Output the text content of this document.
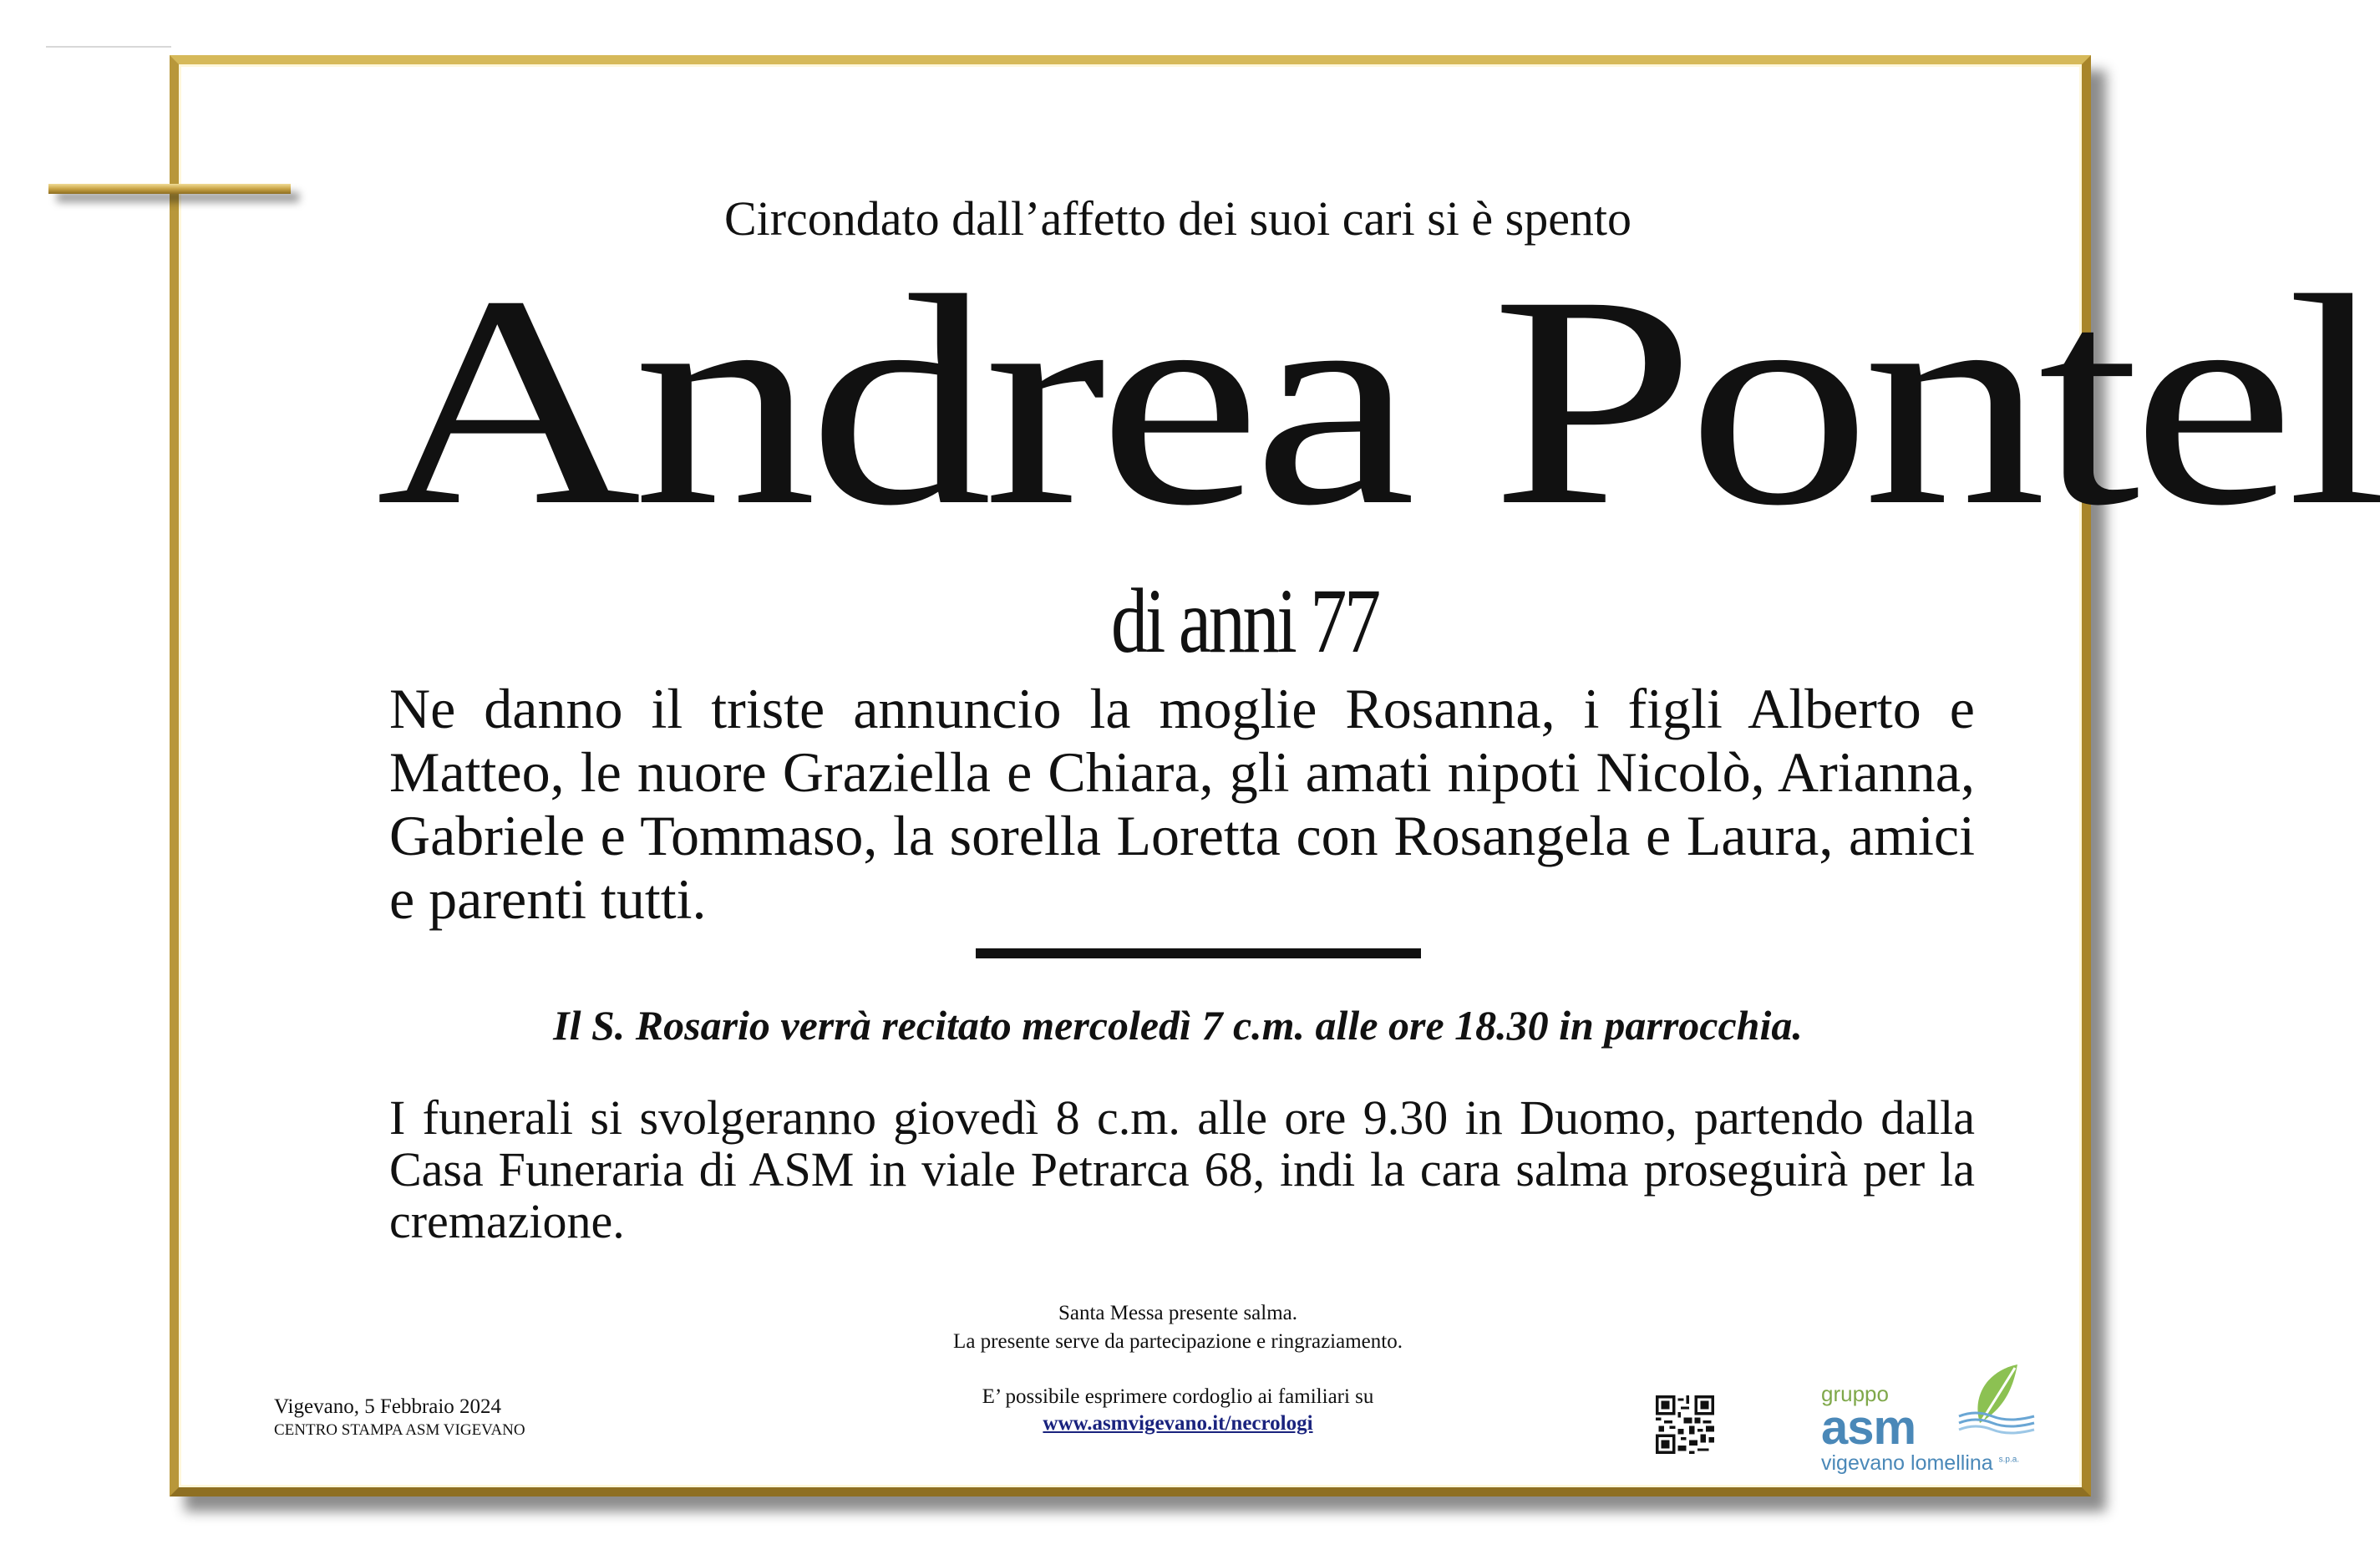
Circondato dall’affetto dei suoi cari si è spento
Andrea Pontel
di anni 77
Ne danno il triste annuncio la moglie Rosanna, i figli Alberto e Matteo, le nuore Graziella e Chiara, gli amati nipoti Nicolò, Arianna, Gabriele e Tommaso, la sorella Loretta con Rosangela e Laura, amici e parenti tutti.
Il S. Rosario verrà recitato mercoledì 7 c.m. alle ore 18.30 in parrocchia.
I funerali si svolgeranno giovedì 8 c.m. alle ore 9.30 in Duomo, partendo dalla Casa Funeraria di ASM in viale Petrarca 68, indi la cara salma proseguirà per la cremazione.
Santa Messa presente salma.
La presente serve da partecipazione e ringraziamento.
E’ possibile esprimere cordoglio ai familiari su
www.asmvigevano.it/necrologi
Vigevano, 5 Febbraio 2024
CENTRO STAMPA ASM VIGEVANO
gruppo
asm
vigevano lomellina $^{s.p.a.}$
